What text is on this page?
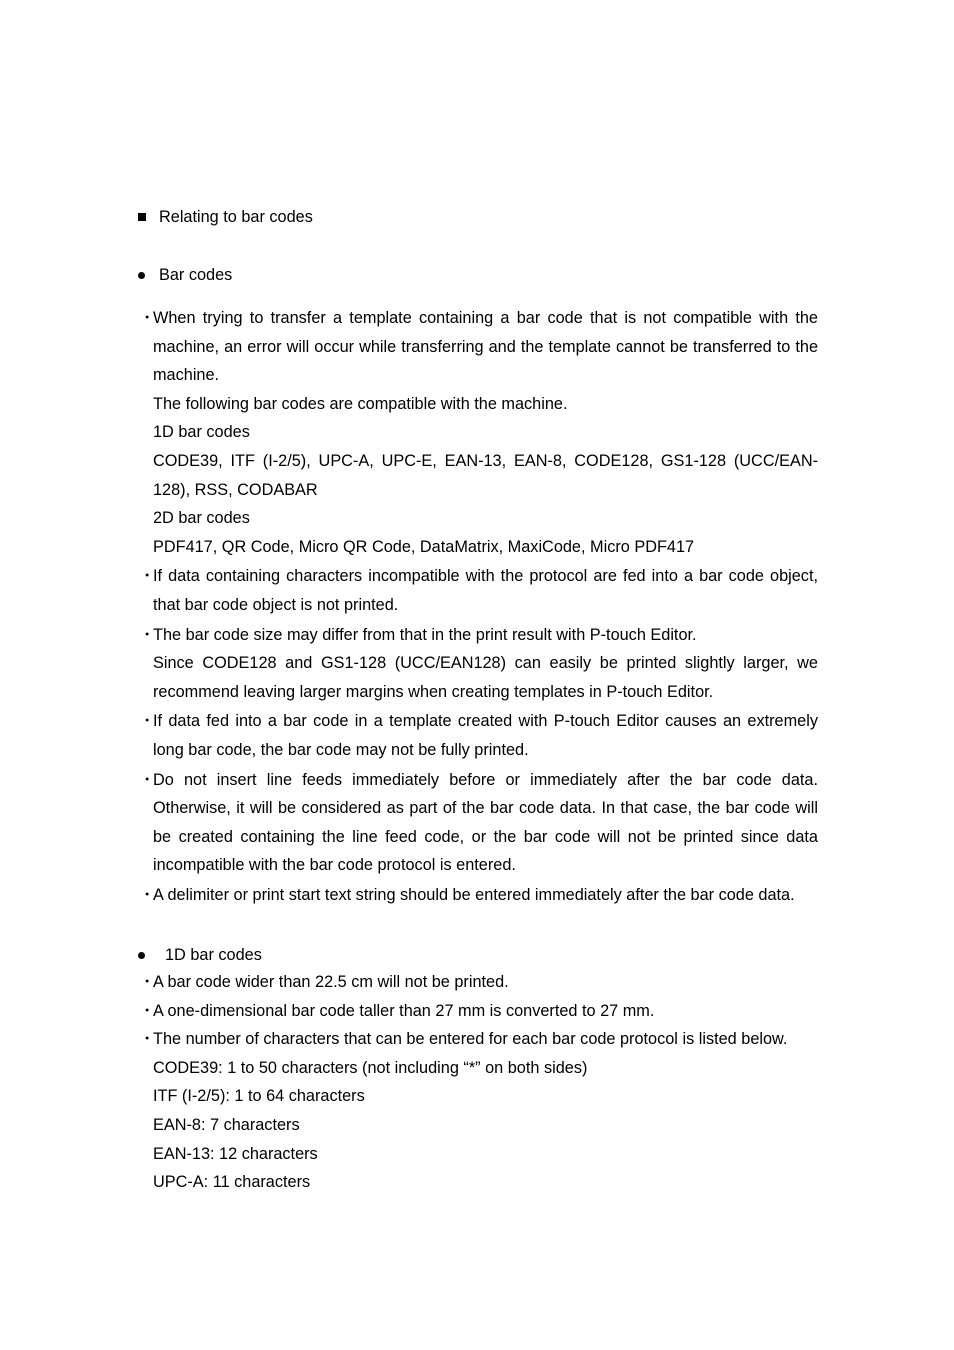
Relating to bar codes
Bar codes
・

When trying to transfer a template containing a bar code that is not compatible with the machine, an error will occur while transferring and the template cannot be transferred to the machine.

The following bar codes are compatible with the machine.

1D bar codes

CODE39, ITF (I-2/5), UPC-A, UPC-E, EAN-13, EAN-8, CODE128, GS1-128 (UCC/EAN-128), RSS, CODABAR

2D bar codes

PDF417, QR Code, Micro QR Code, DataMatrix, MaxiCode, Micro PDF417

・

If data containing characters incompatible with the protocol are fed into a bar code object, that bar code object is not printed.

・

The bar code size may differ from that in the print result with P-touch Editor.

Since CODE128 and GS1-128 (UCC/EAN128) can easily be printed slightly larger, we recommend leaving larger margins when creating templates in P-touch Editor.

・

If data fed into a bar code in a template created with P-touch Editor causes an extremely long bar code, the bar code may not be fully printed.

・

Do not insert line feeds immediately before or immediately after the bar code data. Otherwise, it will be considered as part of the bar code data. In that case, the bar code will be created containing the line feed code, or the bar code will not be printed since data incompatible with the bar code protocol is entered.

・

A delimiter or print start text string should be entered immediately after the bar code data.

1D bar codes
・

A bar code wider than 22.5 cm will not be printed.

・

A one-dimensional bar code taller than 27 mm is converted to 27 mm.

・

The number of characters that can be entered for each bar code protocol is listed below.

CODE39: 1 to 50 characters (not including “*” on both sides)

ITF (I-2/5): 1 to 64 characters

EAN-8: 7 characters

EAN-13: 12 characters

UPC-A: 11 characters
